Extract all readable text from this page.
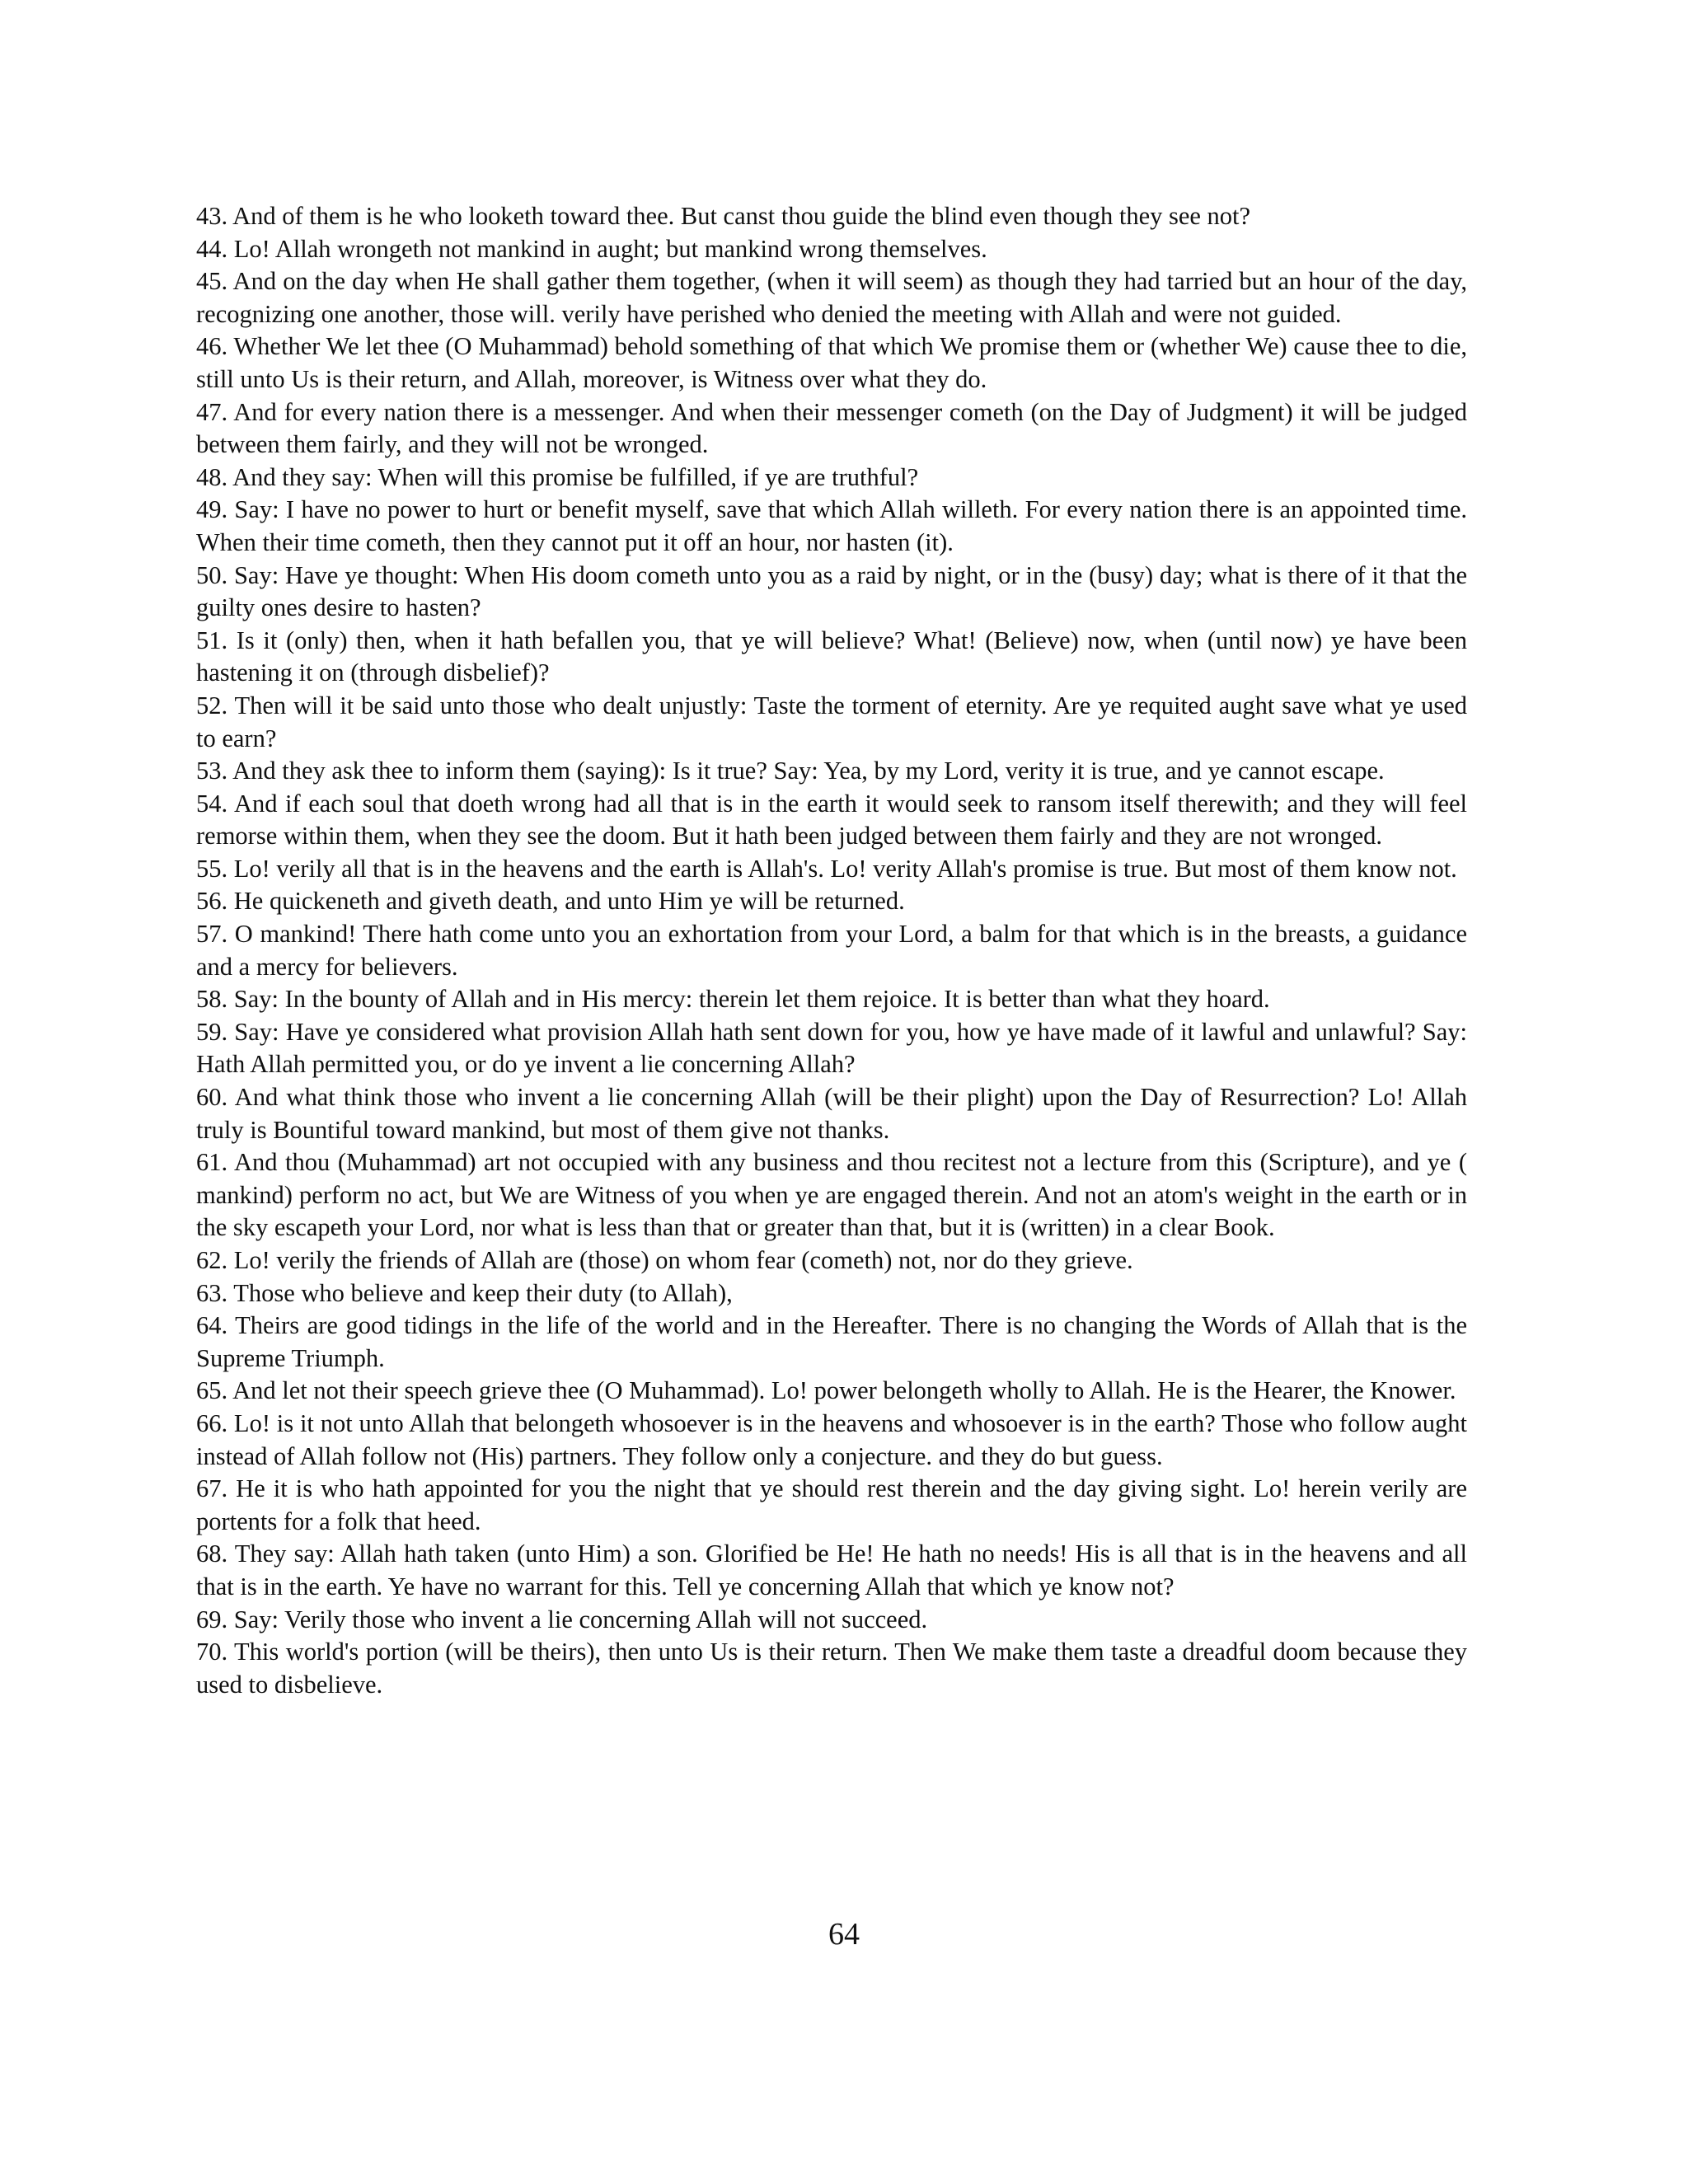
43. And of them is he who looketh toward thee. But canst thou guide the blind even though they see not?

44. Lo! Allah wrongeth not mankind in aught; but mankind wrong themselves.

45. And on the day when He shall gather them together, (when it will seem) as though they had tarried but an hour of the day, recognizing one another, those will. verily have perished who denied the meeting with Allah and were not guided.

46. Whether We let thee (O Muhammad) behold something of that which We promise them or (whether We) cause thee to die, still unto Us is their return, and Allah, moreover, is Witness over what they do.

47. And for every nation there is a messenger. And when their messenger cometh (on the Day of Judgment) it will be judged between them fairly, and they will not be wronged.

48. And they say: When will this promise be fulfilled, if ye are truthful?

49. Say: I have no power to hurt or benefit myself, save that which Allah willeth. For every nation there is an appointed time. When their time cometh, then they cannot put it off an hour, nor hasten (it).

50. Say: Have ye thought: When His doom cometh unto you as a raid by night, or in the (busy) day; what is there of it that the guilty ones desire to hasten?

51. Is it (only) then, when it hath befallen you, that ye will believe? What! (Believe) now, when (until now) ye have been hastening it on (through disbelief)?

52. Then will it be said unto those who dealt unjustly: Taste the torment of eternity. Are ye requited aught save what ye used to earn?

53. And they ask thee to inform them (saying): Is it true? Say: Yea, by my Lord, verity it is true, and ye cannot escape.

54. And if each soul that doeth wrong had all that is in the earth it would seek to ransom itself therewith; and they will feel remorse within them, when they see the doom. But it hath been judged between them fairly and they are not wronged.

55. Lo! verily all that is in the heavens and the earth is Allah's. Lo! verity Allah's promise is true. But most of them know not.

56. He quickeneth and giveth death, and unto Him ye will be returned.

57. O mankind! There hath come unto you an exhortation from your Lord, a balm for that which is in the breasts, a guidance and a mercy for believers.

58. Say: In the bounty of Allah and in His mercy: therein let them rejoice. It is better than what they hoard.

59. Say: Have ye considered what provision Allah hath sent down for you, how ye have made of it lawful and unlawful? Say: Hath Allah permitted you, or do ye invent a lie concerning Allah?

60. And what think those who invent a lie concerning Allah (will be their plight) upon the Day of Resurrection? Lo! Allah truly is Bountiful toward mankind, but most of them give not thanks.

61. And thou (Muhammad) art not occupied with any business and thou recitest not a lecture from this (Scripture), and ye ( mankind) perform no act, but We are Witness of you when ye are engaged therein. And not an atom's weight in the earth or in the sky escapeth your Lord, nor what is less than that or greater than that, but it is (written) in a clear Book.

62. Lo! verily the friends of Allah are (those) on whom fear (cometh) not, nor do they grieve.

63. Those who believe and keep their duty (to Allah),

64. Theirs are good tidings in the life of the world and in the Hereafter. There is no changing the Words of Allah that is the Supreme Triumph.

65. And let not their speech grieve thee (O Muhammad). Lo! power belongeth wholly to Allah. He is the Hearer, the Knower.

66. Lo! is it not unto Allah that belongeth whosoever is in the heavens and whosoever is in the earth? Those who follow aught instead of Allah follow not (His) partners. They follow only a conjecture. and they do but guess.

67. He it is who hath appointed for you the night that ye should rest therein and the day giving sight. Lo! herein verily are portents for a folk that heed.

68. They say: Allah hath taken (unto Him) a son. Glorified be He! He hath no needs! His is all that is in the heavens and all that is in the earth. Ye have no warrant for this. Tell ye concerning Allah that which ye know not?

69. Say: Verily those who invent a lie concerning Allah will not succeed.

70. This world's portion (will be theirs), then unto Us is their return. Then We make them taste a dreadful doom because they used to disbelieve.

64
